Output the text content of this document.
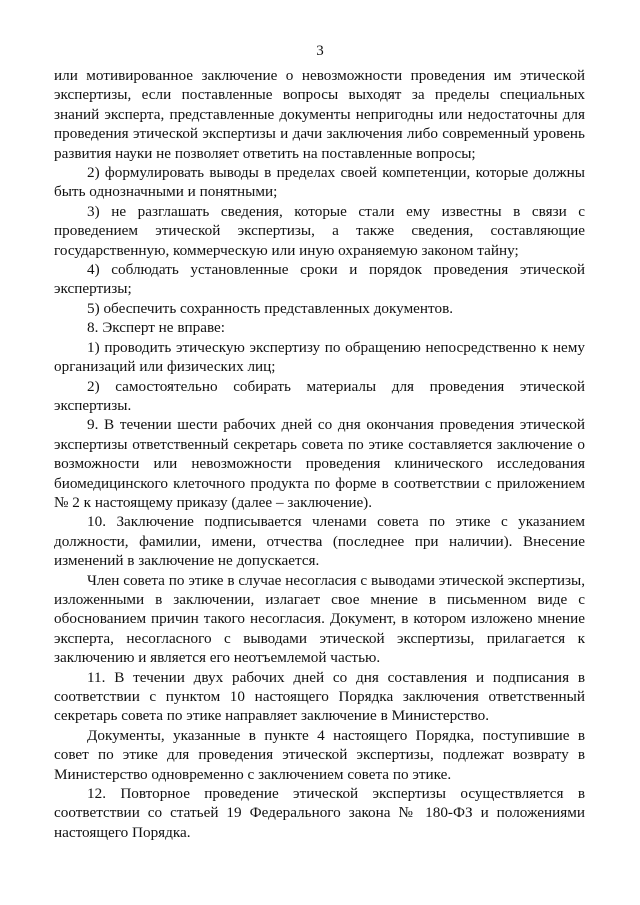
3

или мотивированное заключение о невозможности проведения им этической экспертизы, если поставленные вопросы выходят за пределы специальных знаний эксперта, представленные документы непригодны или недостаточны для проведения этической экспертизы и дачи заключения либо современный уровень развития науки не позволяет ответить на поставленные вопросы;

2) формулировать выводы в пределах своей компетенции, которые должны быть однозначными и понятными;

3) не разглашать сведения, которые стали ему известны в связи с проведением этической экспертизы, а также сведения, составляющие государственную, коммерческую или иную охраняемую законом тайну;

4) соблюдать установленные сроки и порядок проведения этической экспертизы;

5) обеспечить сохранность представленных документов.

8. Эксперт не вправе:

1) проводить этическую экспертизу по обращению непосредственно к нему организаций или физических лиц;

2) самостоятельно собирать материалы для проведения этической экспертизы.

9. В течении шести рабочих дней со дня окончания проведения этической экспертизы ответственный секретарь совета по этике составляется заключение о возможности или невозможности проведения клинического исследования биомедицинского клеточного продукта по форме в соответствии с приложением № 2 к настоящему приказу (далее – заключение).

10. Заключение подписывается членами совета по этике с указанием должности, фамилии, имени, отчества (последнее при наличии). Внесение изменений в заключение не допускается.

Член совета по этике в случае несогласия с выводами этической экспертизы, изложенными в заключении, излагает свое мнение в письменном виде с обоснованием причин такого несогласия. Документ, в котором изложено мнение эксперта, несогласного с выводами этической экспертизы, прилагается к заключению и является его неотъемлемой частью.

11. В течении двух рабочих дней со дня составления и подписания в соответствии с пунктом 10 настоящего Порядка заключения ответственный секретарь совета по этике направляет заключение в Министерство.

Документы, указанные в пункте 4 настоящего Порядка, поступившие в совет по этике для проведения этической экспертизы, подлежат возврату в Министерство одновременно с заключением совета по этике.

12. Повторное проведение этической экспертизы осуществляется в соответствии со статьей 19 Федерального закона № 180-ФЗ и положениями настоящего Порядка.
